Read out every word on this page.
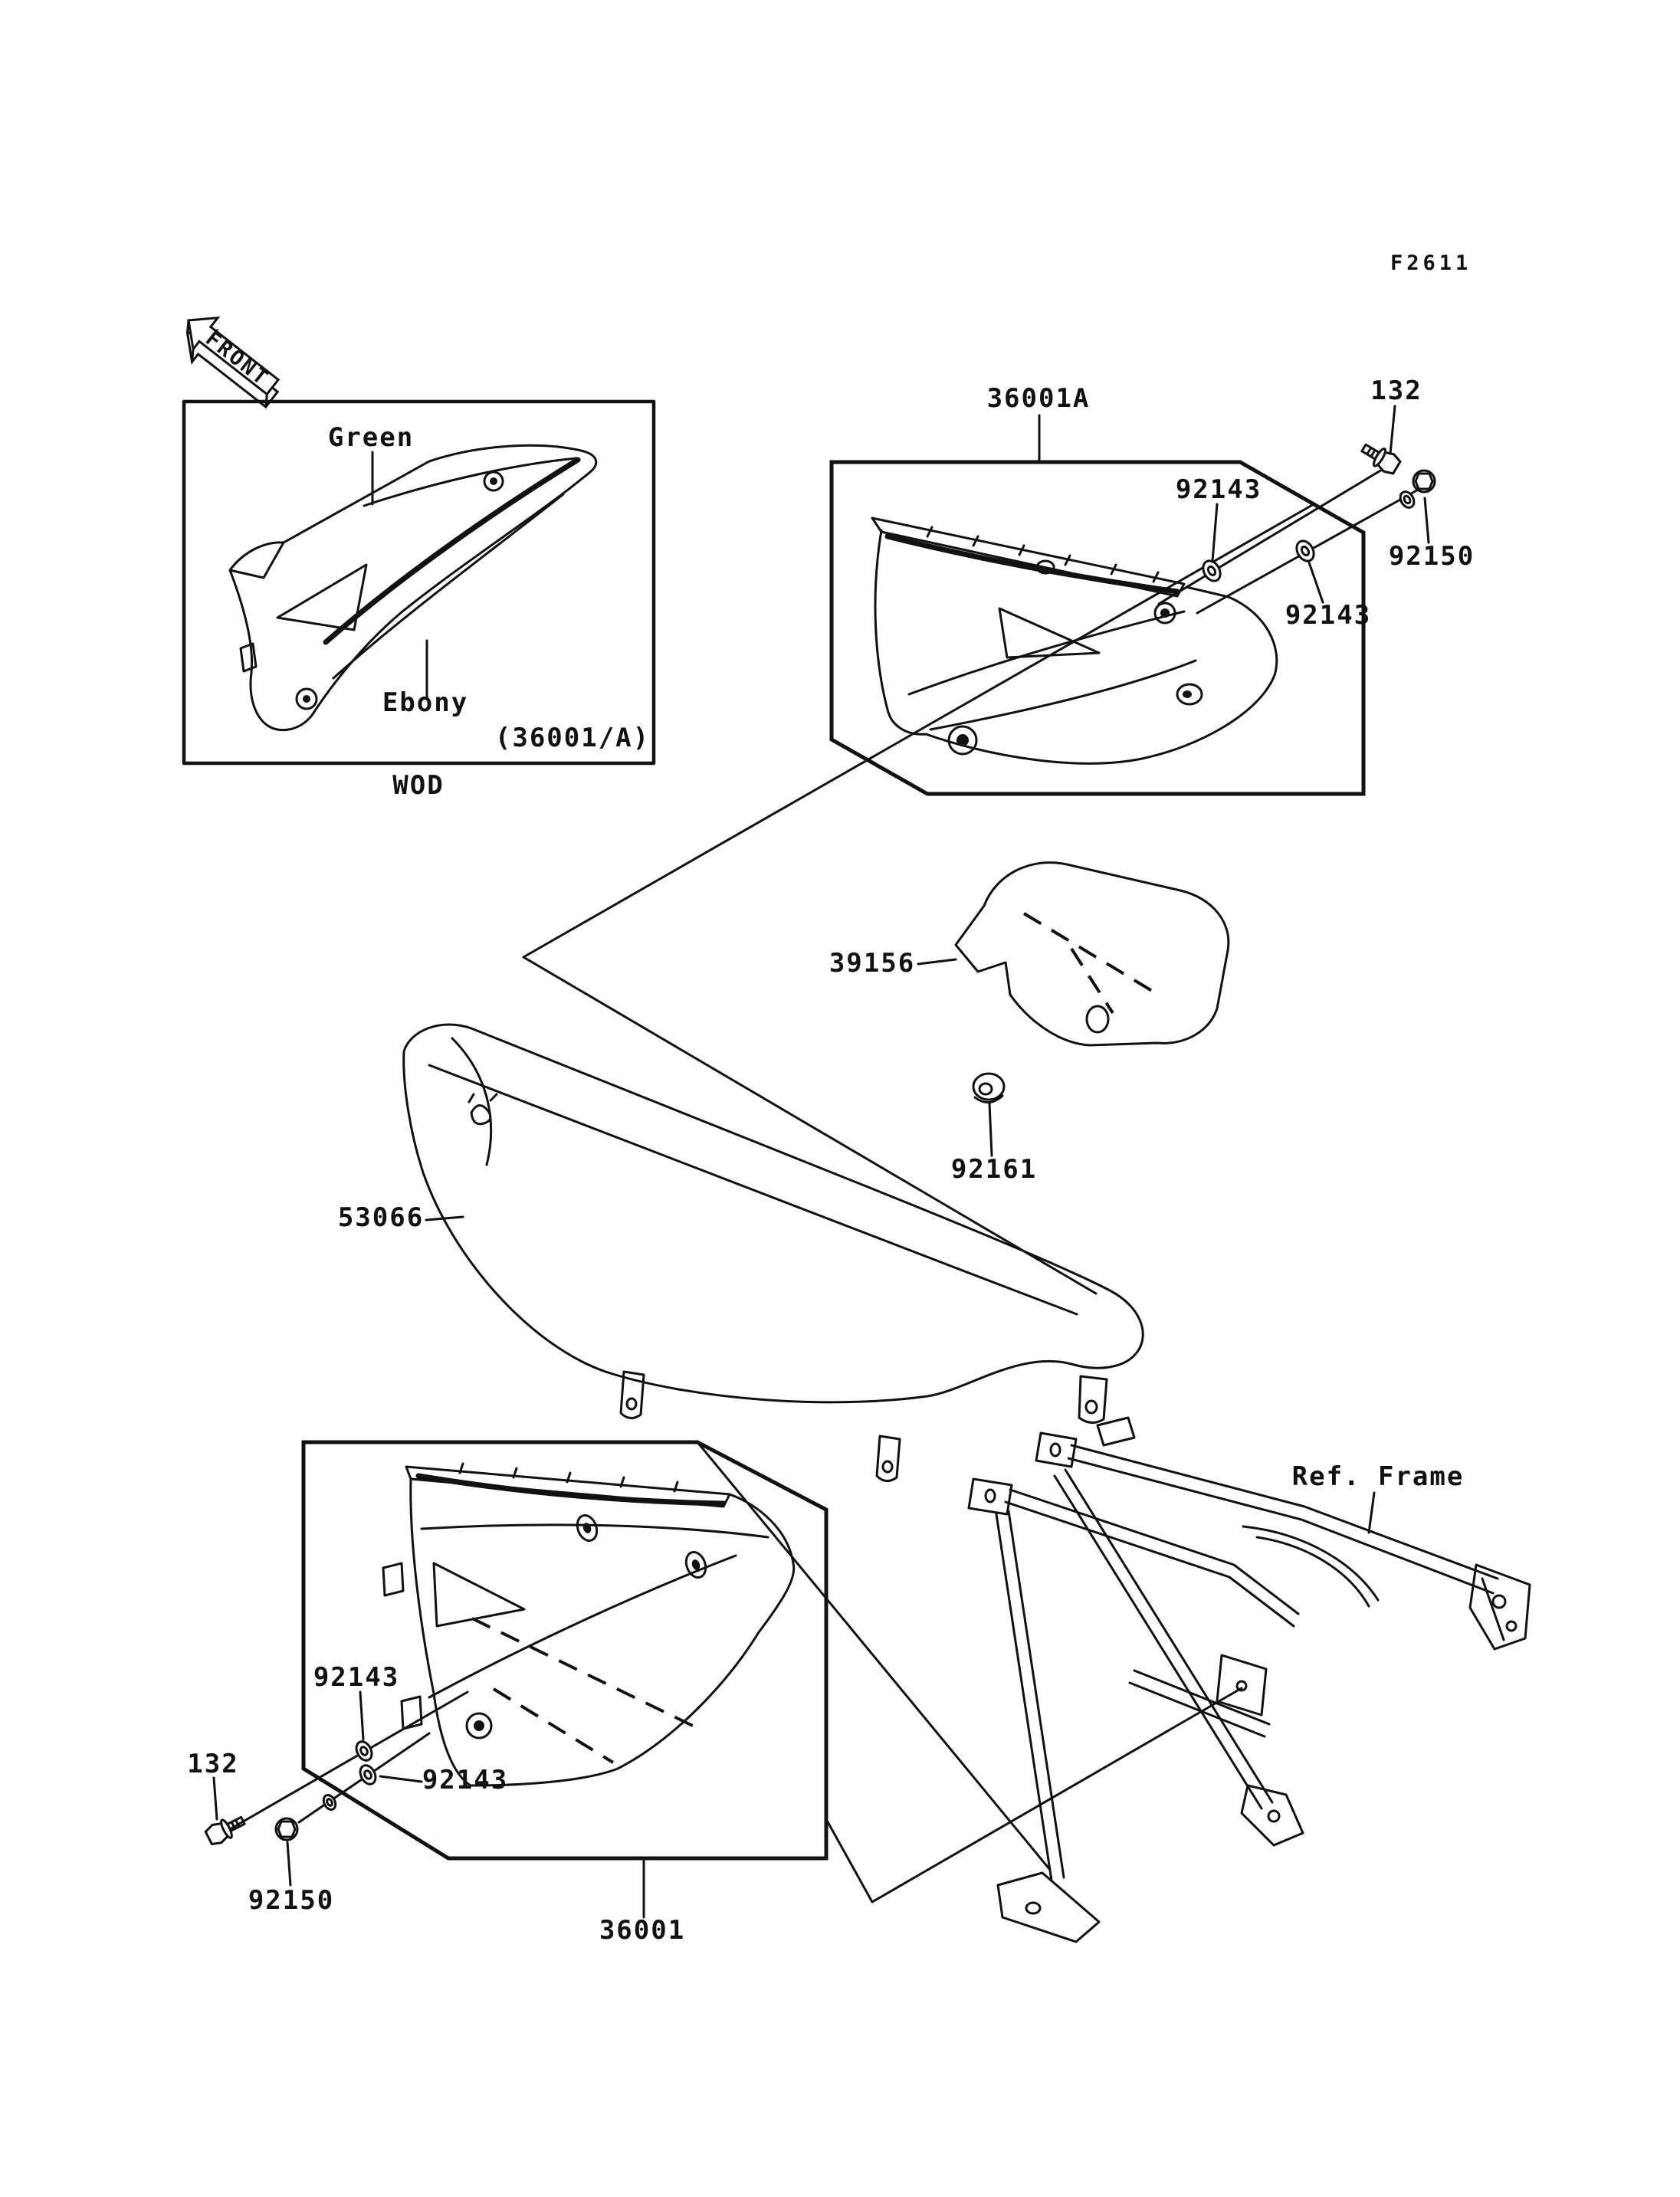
F2611
FRONT
Green
Ebony
(36001/A)
WOD
36001A	132
92143
92150
92143
39156
92161
53066
Ref. Frame
92143
132
92143
92150
36001
